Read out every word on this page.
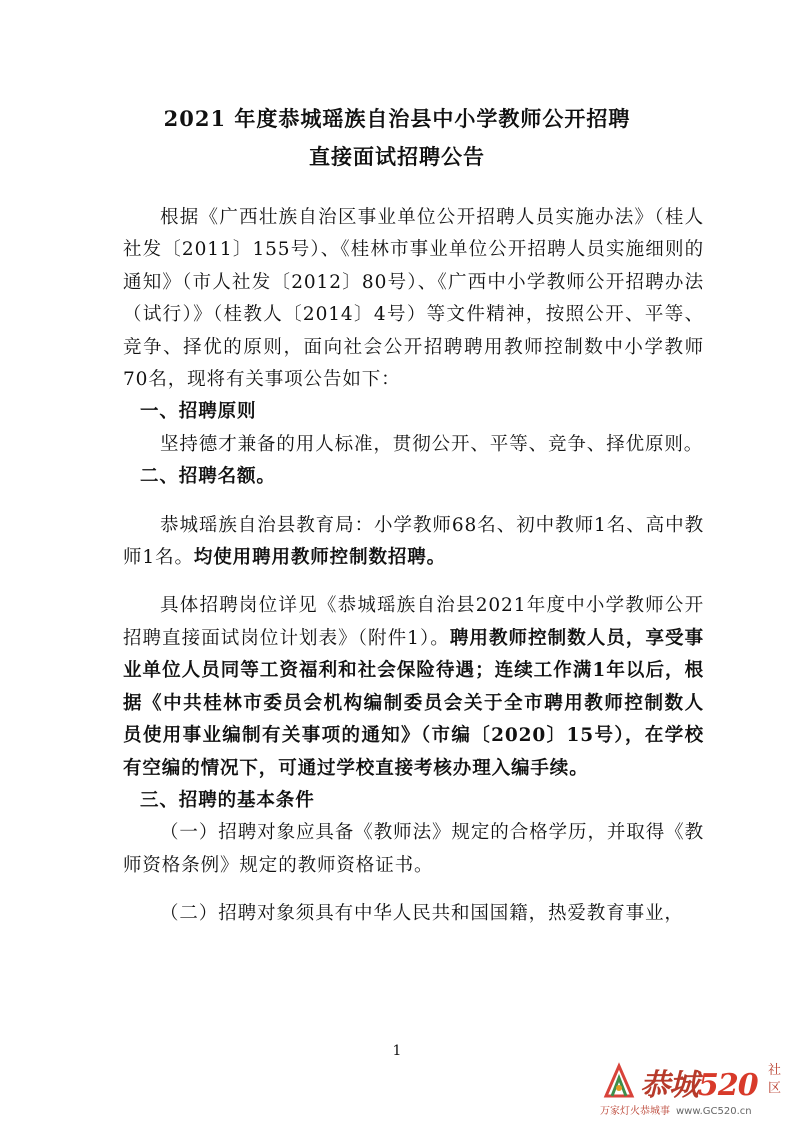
2021 年度恭城瑶族自治县中小学教师公开招聘
直接面试招聘公告

根据《广西壮族自治区事业单位公开招聘人员实施办法》（桂人社发〔2011〕155号）、《桂林市事业单位公开招聘人员实施细则的通知》（市人社发〔2012〕80号）、《广西中小学教师公开招聘办法（试行）》（桂教人〔2014〕4号）等文件精神，按照公开、平等、竞争、择优的原则，面向社会公开招聘聘用教师控制数中小学教师70名，现将有关事项公告如下：

一、招聘原则

坚持德才兼备的用人标准，贯彻公开、平等、竞争、择优原则。

二、招聘名额。

恭城瑶族自治县教育局：小学教师68名、初中教师1名、高中教师1名。均使用聘用教师控制数招聘。

具体招聘岗位详见《恭城瑶族自治县2021年度中小学教师公开招聘直接面试岗位计划表》（附件1）。聘用教师控制数人员，享受事业单位人员同等工资福利和社会保险待遇；连续工作满1年以后，根据《中共桂林市委员会机构编制委员会关于全市聘用教师控制数人员使用事业编制有关事项的通知》（市编〔2020〕15号），在学校有空编的情况下，可通过学校直接考核办理入编手续。

三、招聘的基本条件

（一）招聘对象应具备《教师法》规定的合格学历，并取得《教师资格条例》规定的教师资格证书。

（二）招聘对象须具有中华人民共和国国籍，热爱教育事业，

1
恭城520 社区
万家灯火恭城事 www.GC520.cn
